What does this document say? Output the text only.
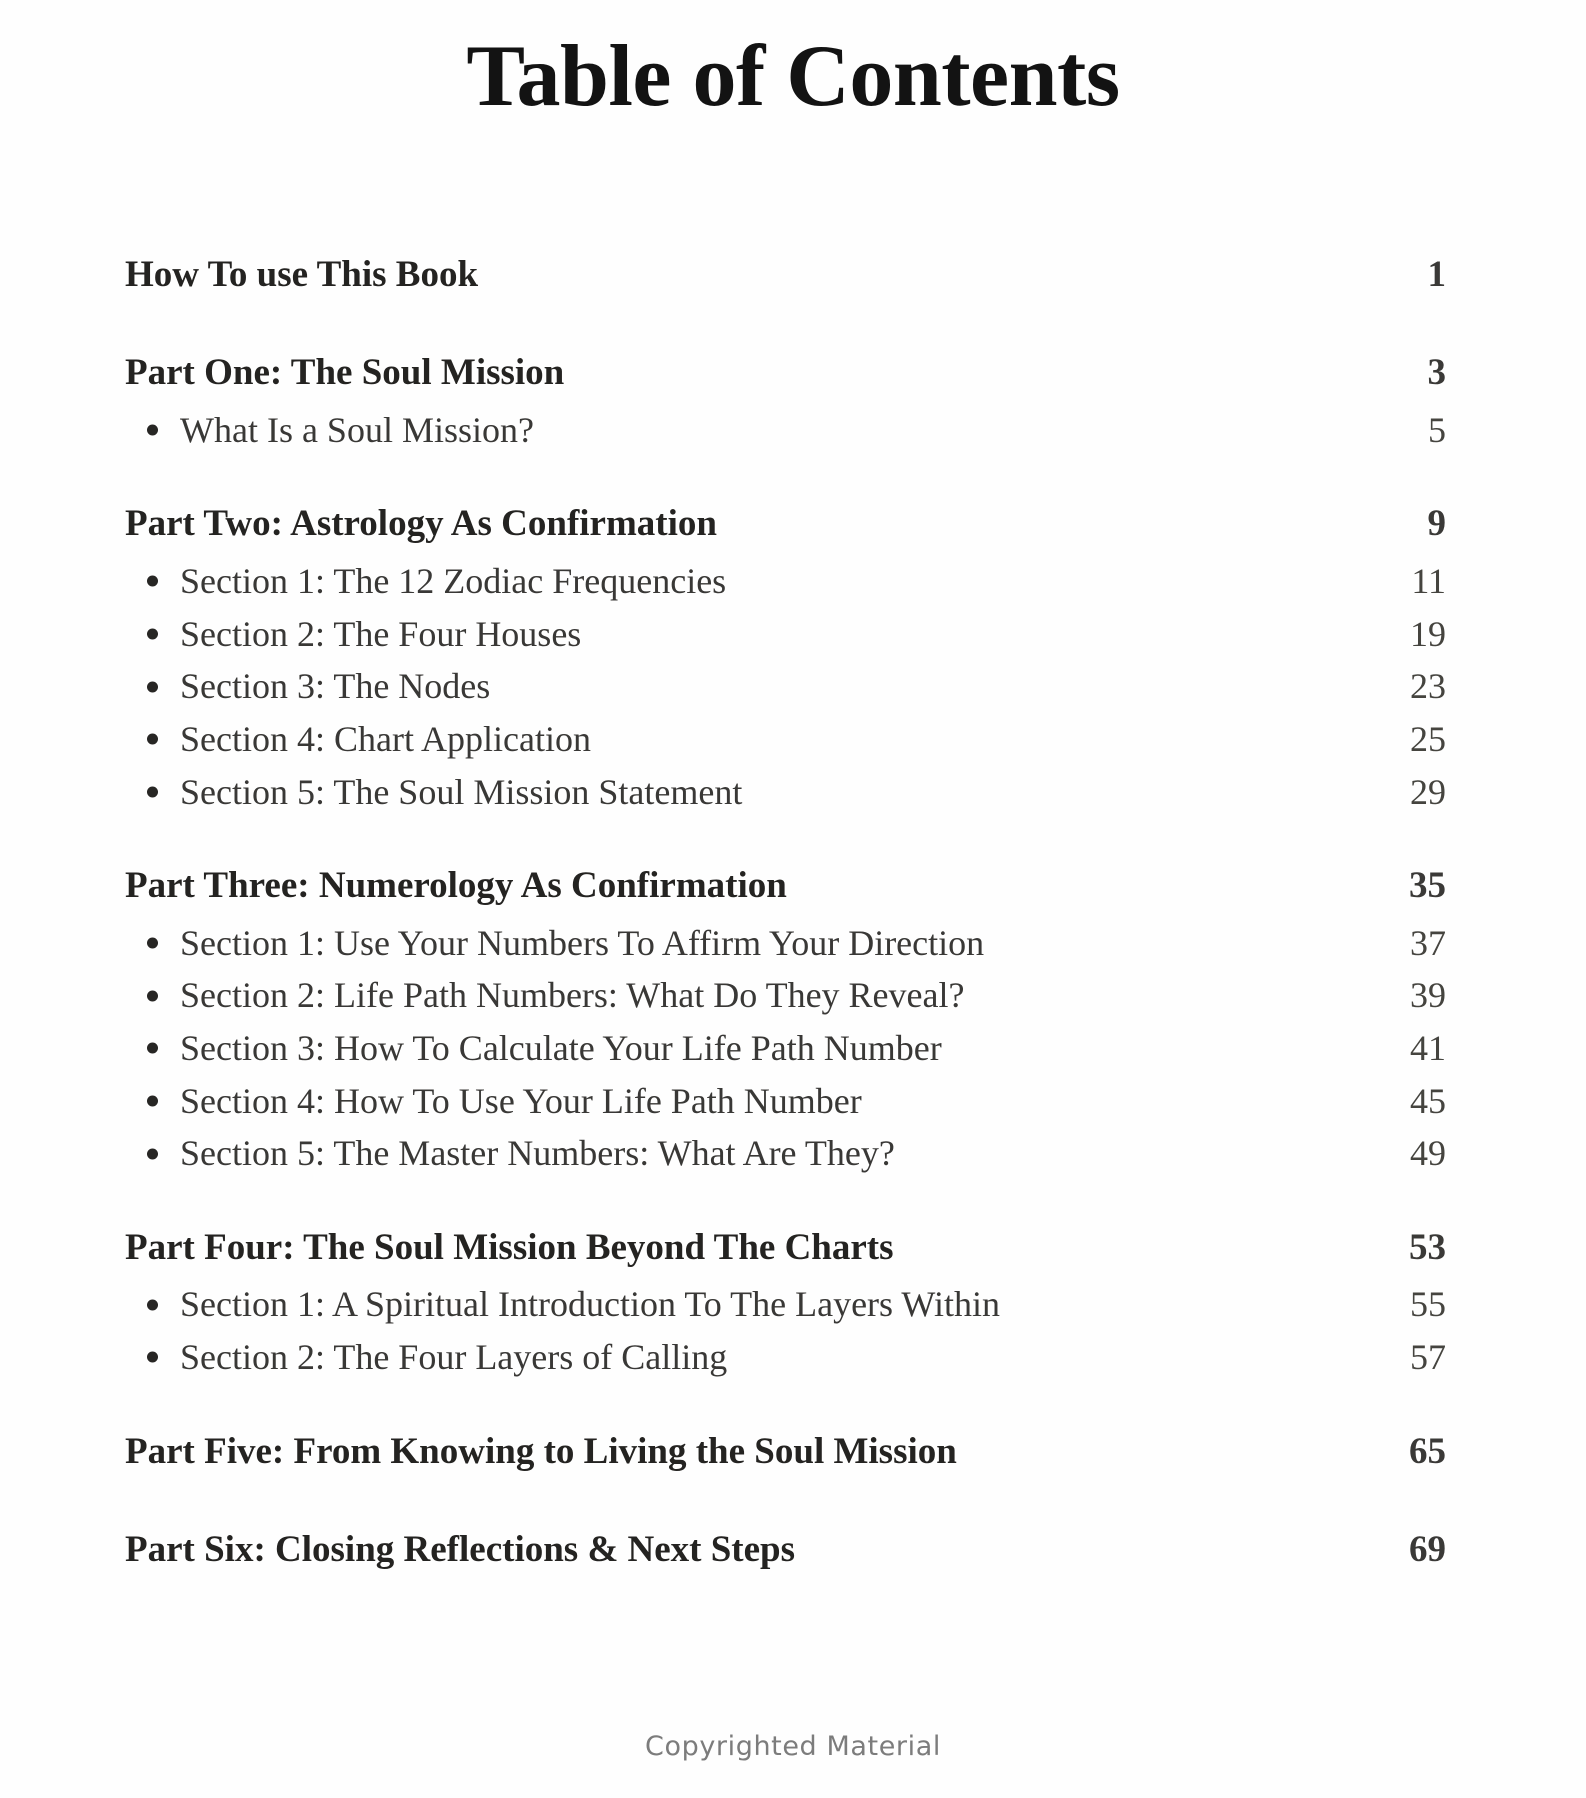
Table of Contents
How To use This Book	1
Part One: The Soul Mission	3
What Is a Soul Mission?	5
Part Two: Astrology As Confirmation	9
Section 1: The 12 Zodiac Frequencies	11
Section 2: The Four Houses	19
Section 3: The Nodes	23
Section 4: Chart Application	25
Section 5: The Soul Mission Statement	29
Part Three: Numerology As Confirmation	35
Section 1: Use Your Numbers To Affirm Your Direction	37
Section 2: Life Path Numbers: What Do They Reveal?	39
Section 3: How To Calculate Your Life Path Number	41
Section 4: How To Use Your Life Path Number	45
Section 5: The Master Numbers: What Are They?	49
Part Four: The Soul Mission Beyond The Charts	53
Section 1: A Spiritual Introduction To The Layers Within	55
Section 2: The Four Layers of Calling	57
Part Five: From Knowing to Living the Soul Mission	65
Part Six: Closing Reflections & Next Steps	69
Copyrighted Material
